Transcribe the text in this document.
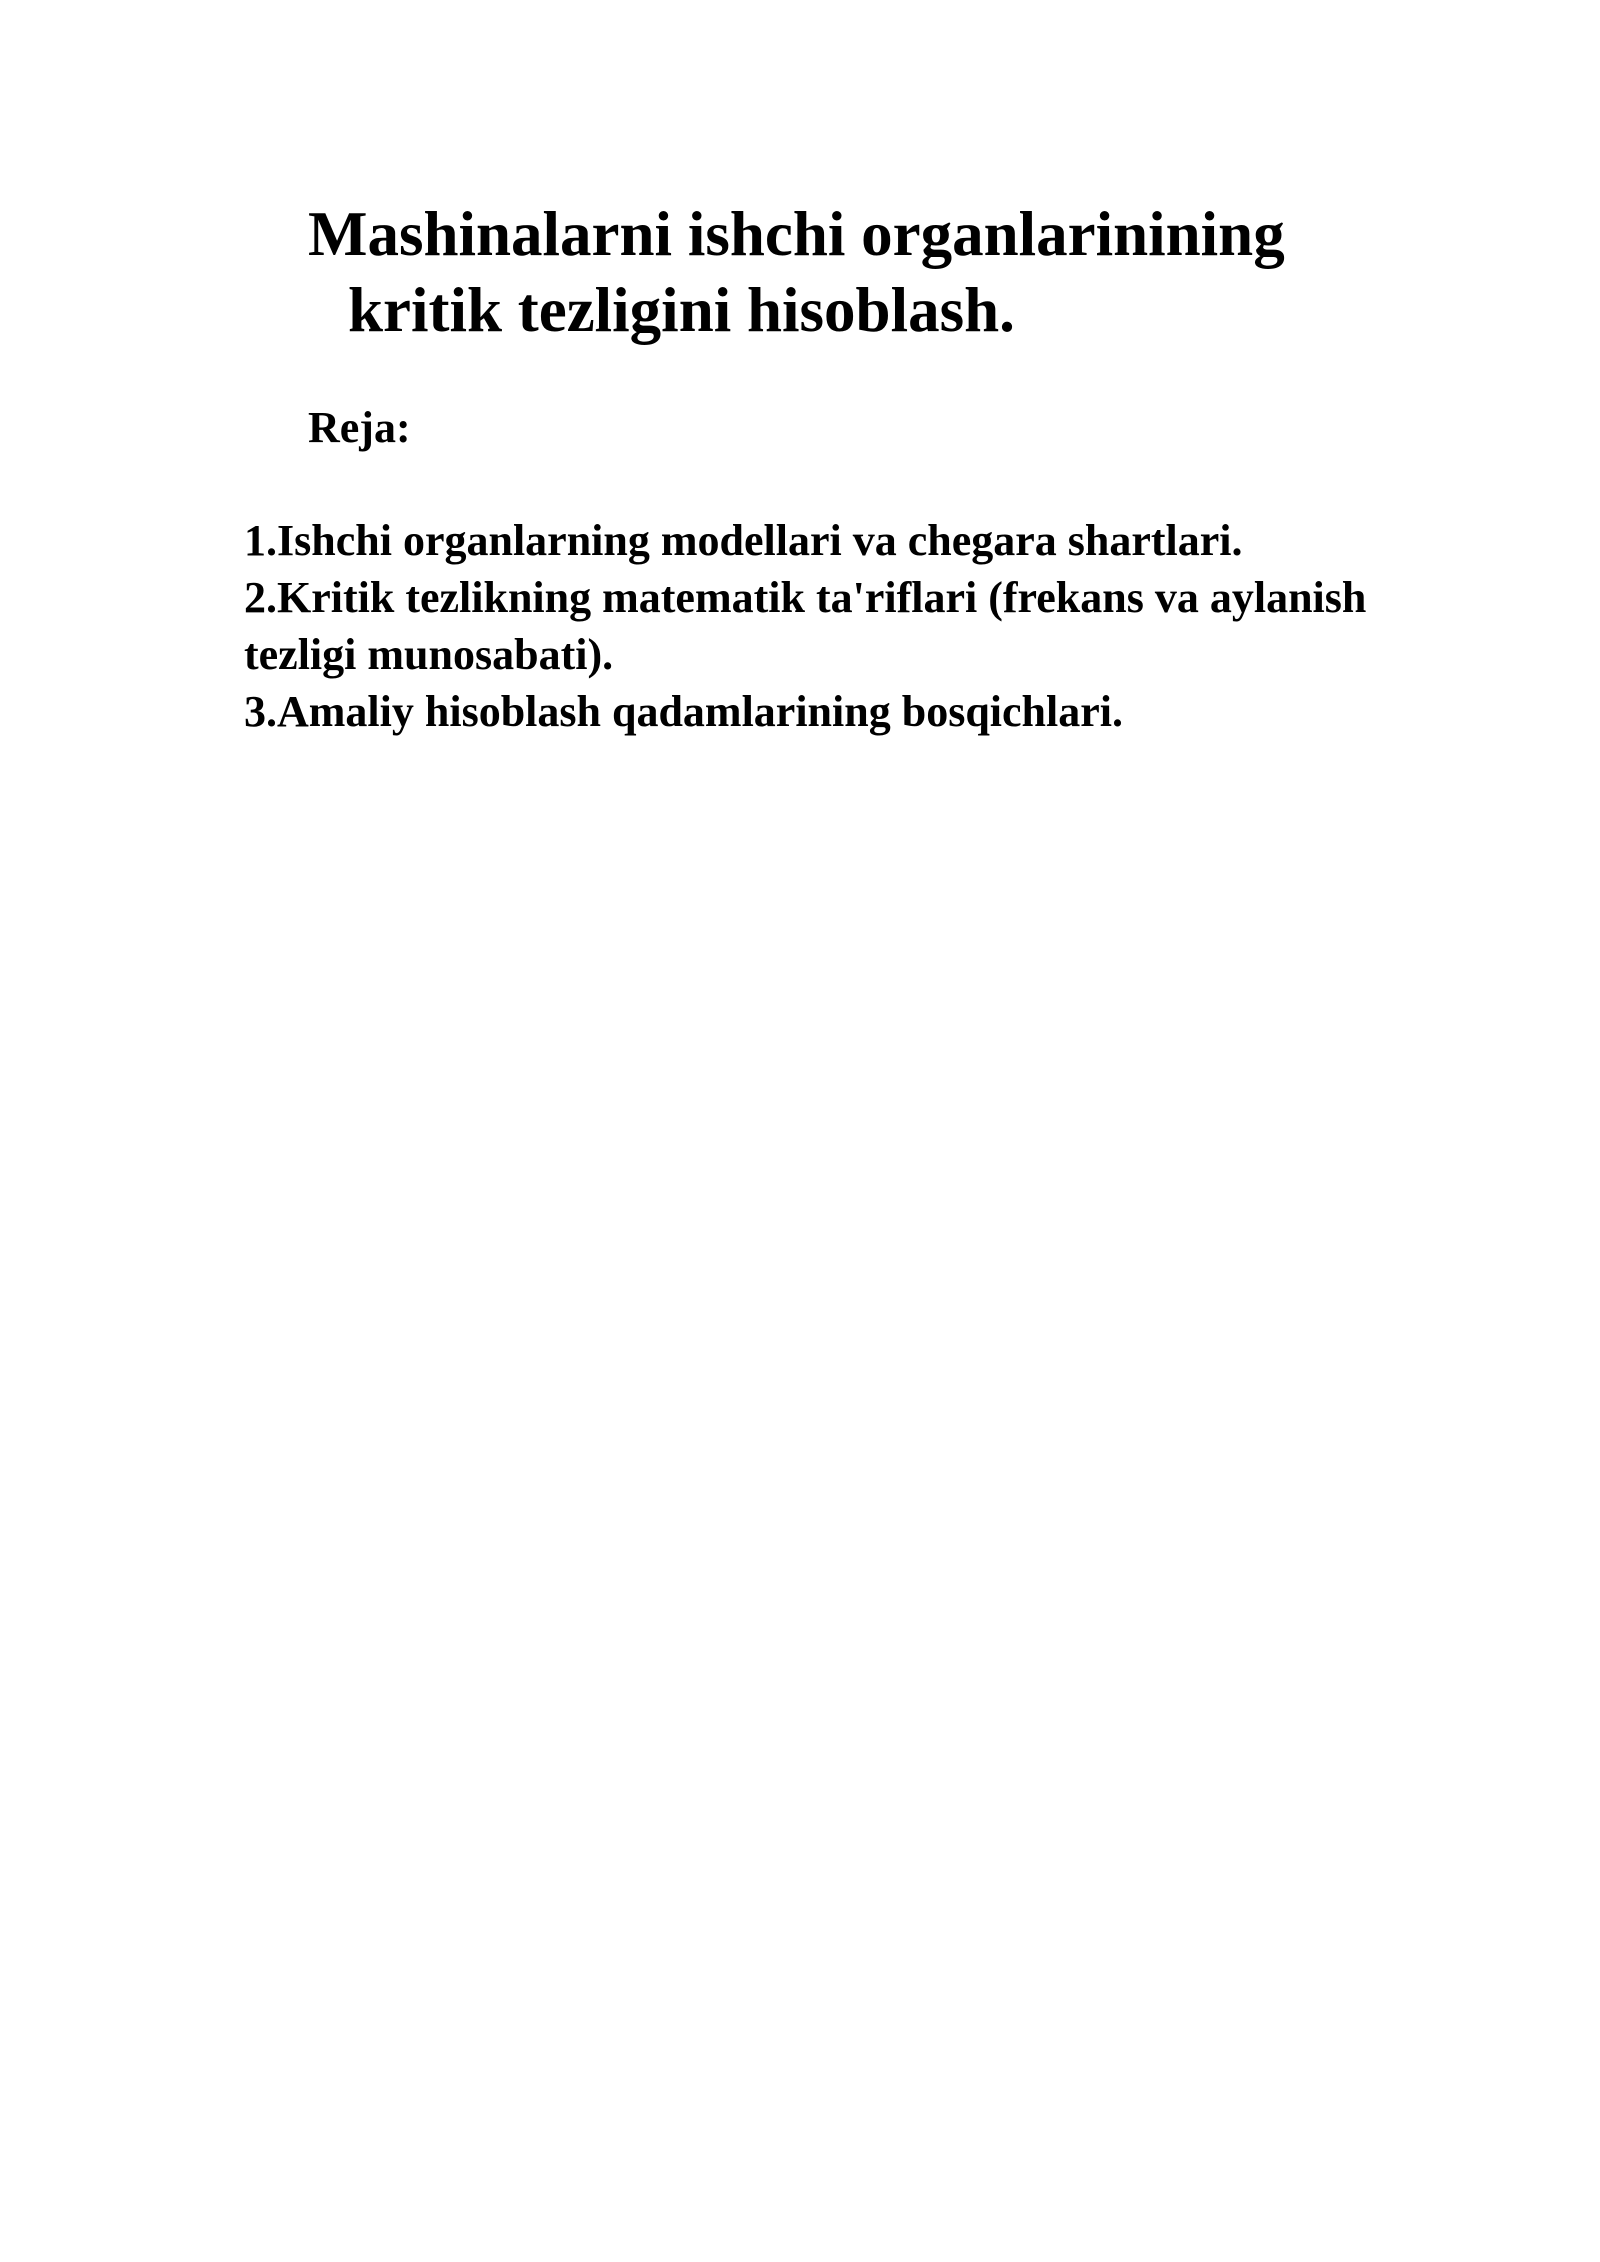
Mashinalarni ishchi organlarinining
kritik tezligini hisoblash.
Reja:
1.Ishchi organlarning modellari va chegara shartlari.
2.Kritik tezlikning matematik ta'riflari (frekans va aylanish tezligi munosabati).
3.Amaliy hisoblash qadamlarining bosqichlari.
